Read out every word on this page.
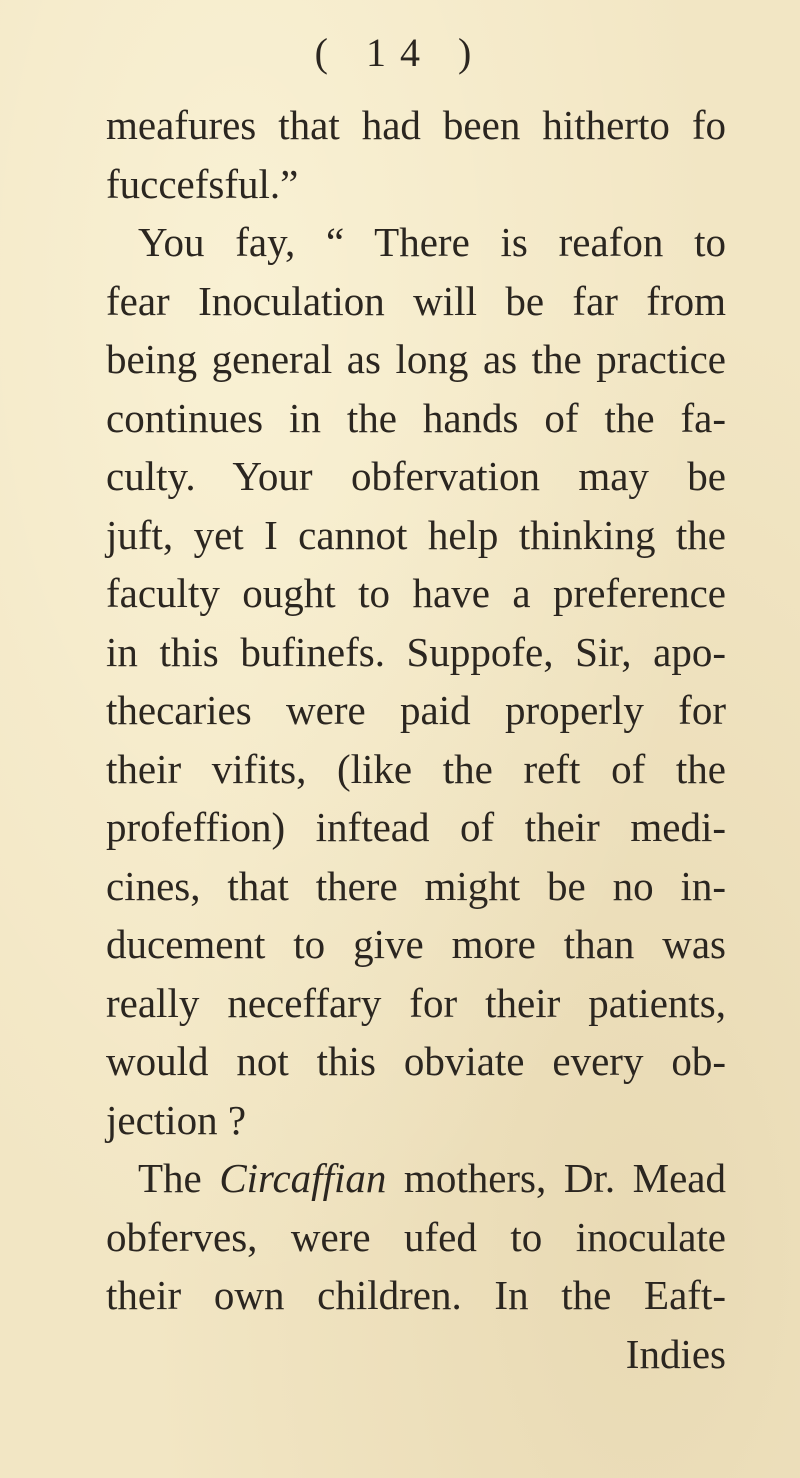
( 14 )
meafures that had been hitherto fo
fuccefsful.”
You fay, “ There is reafon to
fear Inoculation will be far from
being general as long as the practice
continues in the hands of the fa-
culty. Your obfervation may be
juft, yet I cannot help thinking the
faculty ought to have a preference
in this bufinefs. Suppofe, Sir, apo-
thecaries were paid properly for
their vifits, (like the reft of the
profeffion) inftead of their medi-
cines, that there might be no in-
ducement to give more than was
really neceffary for their patients,
would not this obviate every ob-
jection ?
The Circaffian mothers, Dr. Mead
obferves, were ufed to inoculate
their own children. In the Eaft-
Indies
